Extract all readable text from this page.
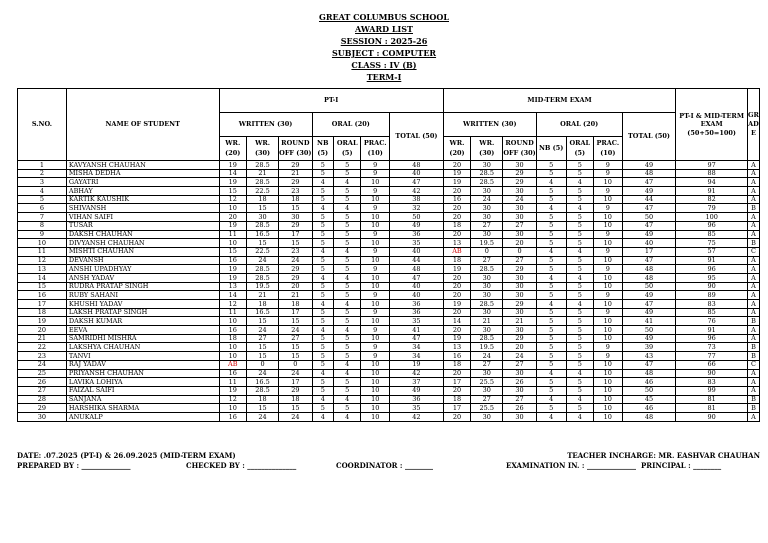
GREAT COLUMBUS SCHOOL
AWARD LIST
SESSION : 2025-26
SUBJECT : COMPUTER
CLASS : IV (B)
TERM-I
S.NO.	NAME OF STUDENT	PT-I							MID-TERM EXAM							PT-I & MID-TERM EXAM (50+50=100)	GRADE
		WRITTEN (30)			ORAL (20)			TOTAL (50)	WRITTEN (30)			ORAL (20)			TOTAL (50)		
		WR. (20)	WR. (30)	ROUND OFF (30)	NB (5)	ORAL (5)	PRAC. (10)		WR. (20)	WR. (30)	ROUND OFF (30)	NB (5)	ORAL (5)	PRAC. (10)			
1	KAVYANSH CHAUHAN	19	28.5	29	5	5	9	48	20	30	30	5	5	9	49	97	A
2	MISHA DEDHA	14	21	21	5	5	9	40	19	28.5	29	5	5	9	48	88	A
3	GAYATRI	19	28.5	29	4	4	10	47	19	28.5	29	4	4	10	47	94	A
4	ABHAY	15	22.5	23	5	5	9	42	20	30	30	5	5	9	49	91	A
5	KARTIK KAUSHIK	12	18	18	5	5	10	38	16	24	24	5	5	10	44	82	A
6	SHIVANSH	10	15	15	4	4	9	32	20	30	30	4	4	9	47	79	B
7	VIHAN SAIFI	20	30	30	5	5	10	50	20	30	30	5	5	10	50	100	A
8	TUSAR	19	28.5	29	5	5	10	49	18	27	27	5	5	10	47	96	A
9	DAKSH CHAUHAN	11	16.5	17	5	5	9	36	20	30	30	5	5	9	49	85	A
10	DIVYANSH CHAUHAN	10	15	15	5	5	10	35	13	19.5	20	5	5	10	40	75	B
11	MISHTI CHAUHAN	15	22.5	23	4	4	9	40	AB	0	0	4	4	9	17	57	C
12	DEVANSH	16	24	24	5	5	10	44	18	27	27	5	5	10	47	91	A
13	ANSHI UPADHYAY	19	28.5	29	5	5	9	48	19	28.5	29	5	5	9	48	96	A
14	ANSH YADAV	19	28.5	29	4	4	10	47	20	30	30	4	4	10	48	95	A
15	RUDRA PRATAP SINGH	13	19.5	20	5	5	10	40	20	30	30	5	5	10	50	90	A
16	RUBY SAHANI	14	21	21	5	5	9	40	20	30	30	5	5	9	49	89	A
17	KHUSHI YADAV	12	18	18	4	4	10	36	19	28.5	29	4	4	10	47	83	A
18	LAKSH PRATAP SINGH	11	16.5	17	5	5	9	36	20	30	30	5	5	9	49	85	A
19	DAKSH KUMAR	10	15	15	5	5	10	35	14	21	21	5	5	10	41	76	B
20	EEVA	16	24	24	4	4	9	41	20	30	30	5	5	10	50	91	A
21	SAMRIDHI MISHRA	18	27	27	5	5	10	47	19	28.5	29	5	5	10	49	96	A
22	LAKSHYA CHAUHAN	10	15	15	5	5	9	34	13	19.5	20	5	5	9	39	73	B
23	TANVI	10	15	15	5	5	9	34	16	24	24	5	5	9	43	77	B
24	RAJ YADAV	AB	0	0	5	4	10	19	18	27	27	5	5	10	47	66	C
25	PRIYANSH CHAUHAN	16	24	24	4	4	10	42	20	30	30	4	4	10	48	90	A
26	LAVIKA LOHIYA	11	16.5	17	5	5	10	37	17	25.5	26	5	5	10	46	83	A
27	FAIZAL SAIFI	19	28.5	29	5	5	10	49	20	30	30	5	5	10	50	99	A
28	SANJANA	12	18	18	4	4	10	36	18	27	27	4	4	10	45	81	B
29	HARSHIKA SHARMA	10	15	15	5	5	10	35	17	25.5	26	5	5	10	46	81	B
30	ANUKALP	16	24	24	4	4	10	42	20	30	30	4	4	10	48	90	A
DATE: .07.2025 (PT-I) & 26.09.2025 (MID-TERM EXAM)	TEACHER INCHARGE: MR. EASHVAR CHAUHAN
PREPARED BY : ______________	CHECKED BY : ______________	COORDINATOR : ________	EXAMINATION IN. : ______________ PRINCIPAL : ________
